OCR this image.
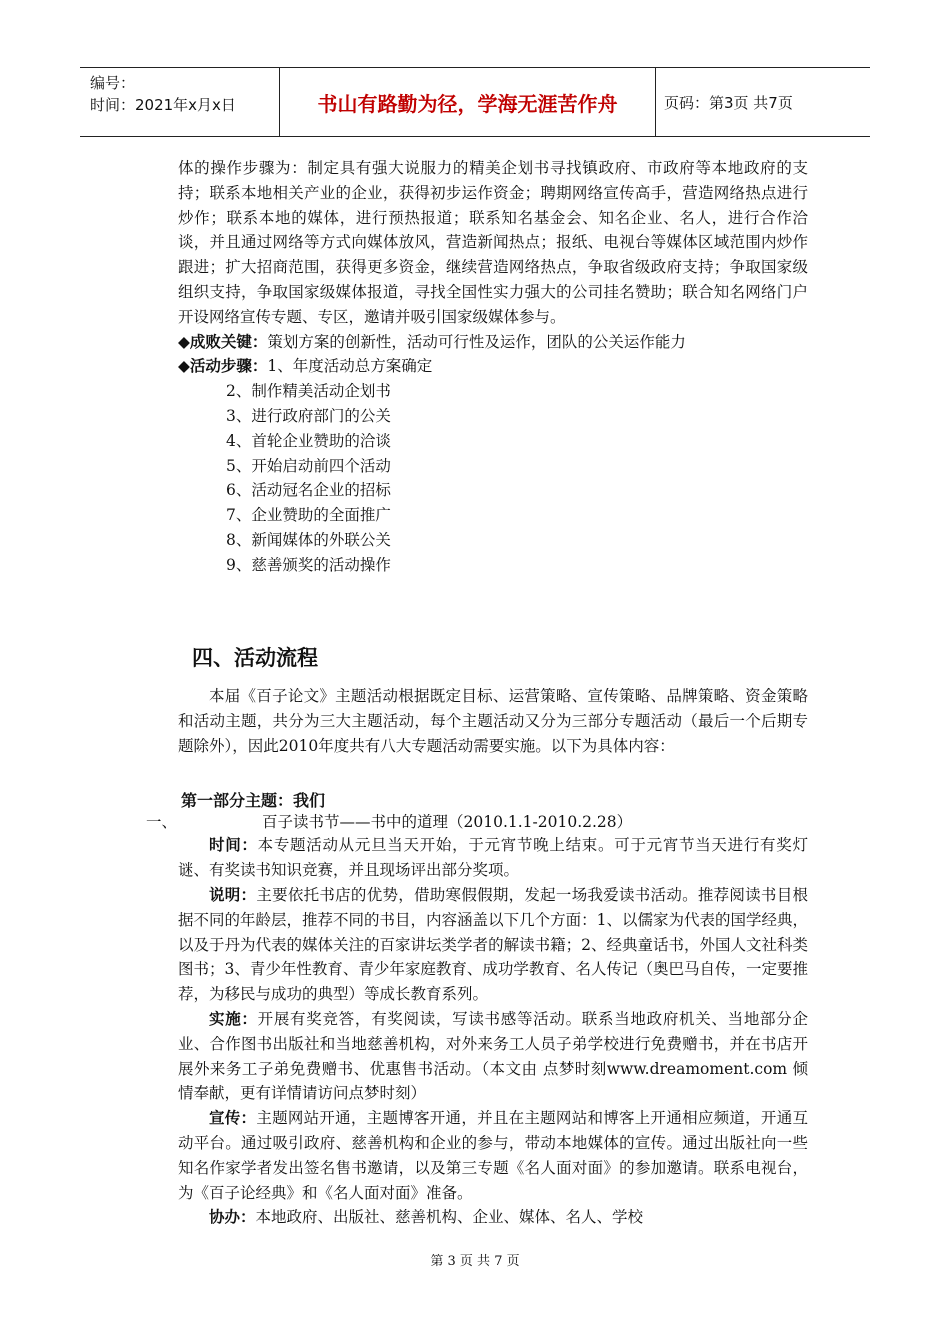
编号：
时间：2021年x月x日	书山有路勤为径，学海无涯苦作舟	页码：第3页 共7页

体的操作步骤为：制定具有强大说服力的精美企划书寻找镇政府、市政府等本地政府的支持；联系本地相关产业的企业，获得初步运作资金；聘期网络宣传高手，营造网络热点进行炒作；联系本地的媒体，进行预热报道；联系知名基金会、知名企业、名人，进行合作洽谈，并且通过网络等方式向媒体放风，营造新闻热点；报纸、电视台等媒体区域范围内炒作跟进；扩大招商范围，获得更多资金，继续营造网络热点，争取省级政府支持；争取国家级组织支持，争取国家级媒体报道，寻找全国性实力强大的公司挂名赞助；联合知名网络门户开设网络宣传专题、专区，邀请并吸引国家级媒体参与。

◆成败关键：策划方案的创新性，活动可行性及运作，团队的公关运作能力

◆活动步骤：1、年度活动总方案确定

2、制作精美活动企划书

3、进行政府部门的公关

4、首轮企业赞助的洽谈

5、开始启动前四个活动

6、活动冠名企业的招标

7、企业赞助的全面推广

8、新闻媒体的外联公关

9、慈善颁奖的活动操作

四、活动流程

本届《百子论文》主题活动根据既定目标、运营策略、宣传策略、品牌策略、资金策略和活动主题，共分为三大主题活动，每个主题活动又分为三部分专题活动（最后一个后期专题除外），因此2010年度共有八大专题活动需要实施。以下为具体内容：

第一部分主题：我们

一、	百子读书节——书中的道理（2010.1.1-2010.2.28）

时间：本专题活动从元旦当天开始，于元宵节晚上结束。可于元宵节当天进行有奖灯谜、有奖读书知识竞赛，并且现场评出部分奖项。

说明：主要依托书店的优势，借助寒假假期，发起一场我爱读书活动。推荐阅读书目根据不同的年龄层，推荐不同的书目，内容涵盖以下几个方面：1、以儒家为代表的国学经典，以及于丹为代表的媒体关注的百家讲坛类学者的解读书籍；2、经典童话书，外国人文社科类图书；3、青少年性教育、青少年家庭教育、成功学教育、名人传记（奥巴马自传，一定要推荐，为移民与成功的典型）等成长教育系列。

实施：开展有奖竞答，有奖阅读，写读书感等活动。联系当地政府机关、当地部分企业、合作图书出版社和当地慈善机构，对外来务工人员子弟学校进行免费赠书，并在书店开展外来务工子弟免费赠书、优惠售书活动。（本文由 点梦时刻www.dreamoment.com 倾情奉献，更有详情请访问点梦时刻）

宣传：主题网站开通，主题博客开通，并且在主题网站和博客上开通相应频道，开通互动平台。通过吸引政府、慈善机构和企业的参与，带动本地媒体的宣传。通过出版社向一些知名作家学者发出签名售书邀请，以及第三专题《名人面对面》的参加邀请。联系电视台，为《百子论经典》和《名人面对面》准备。

协办：本地政府、出版社、慈善机构、企业、媒体、名人、学校

第 3 页 共 7 页
